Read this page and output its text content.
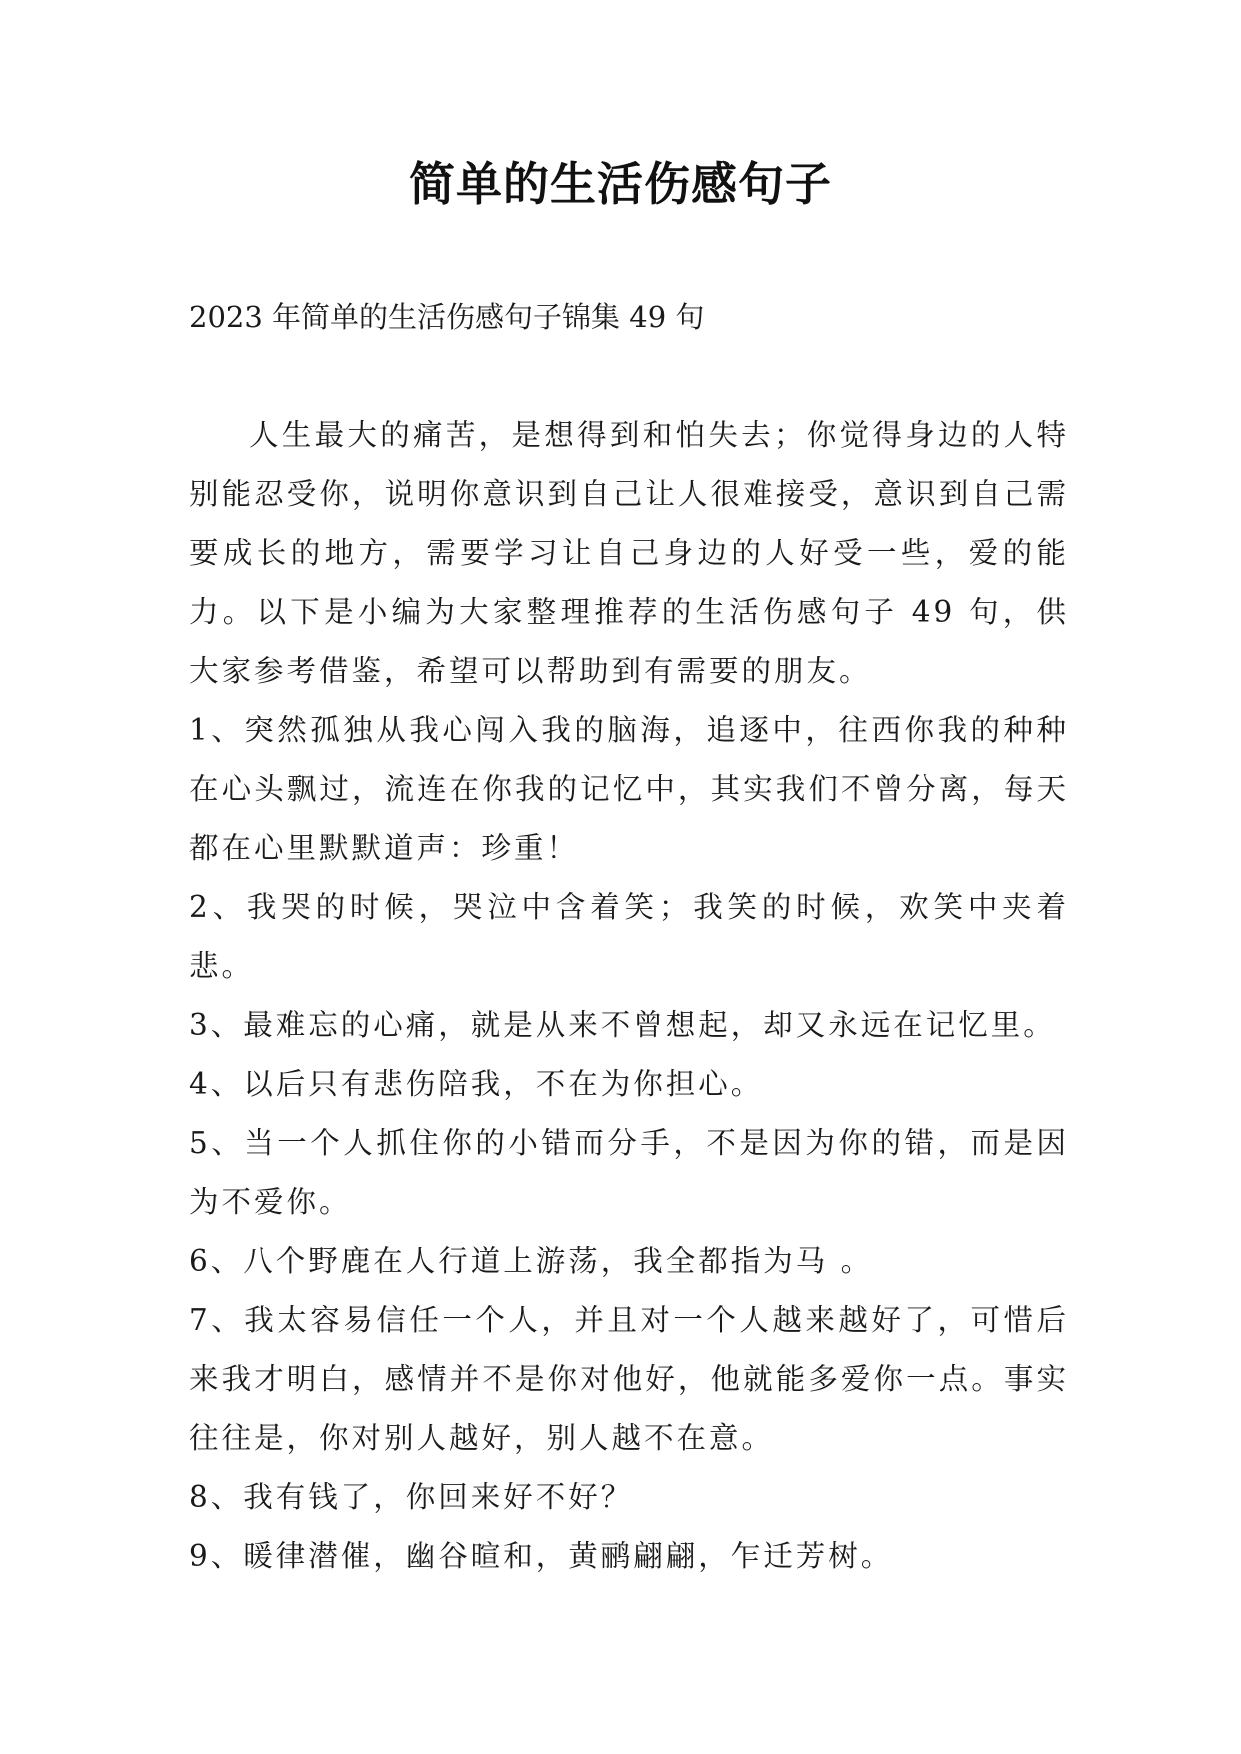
简单的生活伤感句子
2023 年简单的生活伤感句子锦集 49 句

人生最大的痛苦，是想得到和怕失去；你觉得身边的人特别能忍受你，说明你意识到自己让人很难接受，意识到自己需要成长的地方，需要学习让自己身边的人好受一些，爱的能力。以下是小编为大家整理推荐的生活伤感句子 49 句，供大家参考借鉴，希望可以帮助到有需要的朋友。

1、突然孤独从我心闯入我的脑海，追逐中，往西你我的种种在心头飘过，流连在你我的记忆中，其实我们不曾分离，每天都在心里默默道声：珍重！

2、我哭的时候，哭泣中含着笑；我笑的时候，欢笑中夹着悲。

3、最难忘的心痛，就是从来不曾想起，却又永远在记忆里。

4、以后只有悲伤陪我，不在为你担心。

5、当一个人抓住你的小错而分手，不是因为你的错，而是因为不爱你。

6、八个野鹿在人行道上游荡，我全都指为马 。

7、我太容易信任一个人，并且对一个人越来越好了，可惜后来我才明白，感情并不是你对他好，他就能多爱你一点。事实往往是，你对别人越好，别人越不在意。

8、我有钱了，你回来好不好？

9、暖律潜催，幽谷暄和，黄鹂翩翩，乍迁芳树。
